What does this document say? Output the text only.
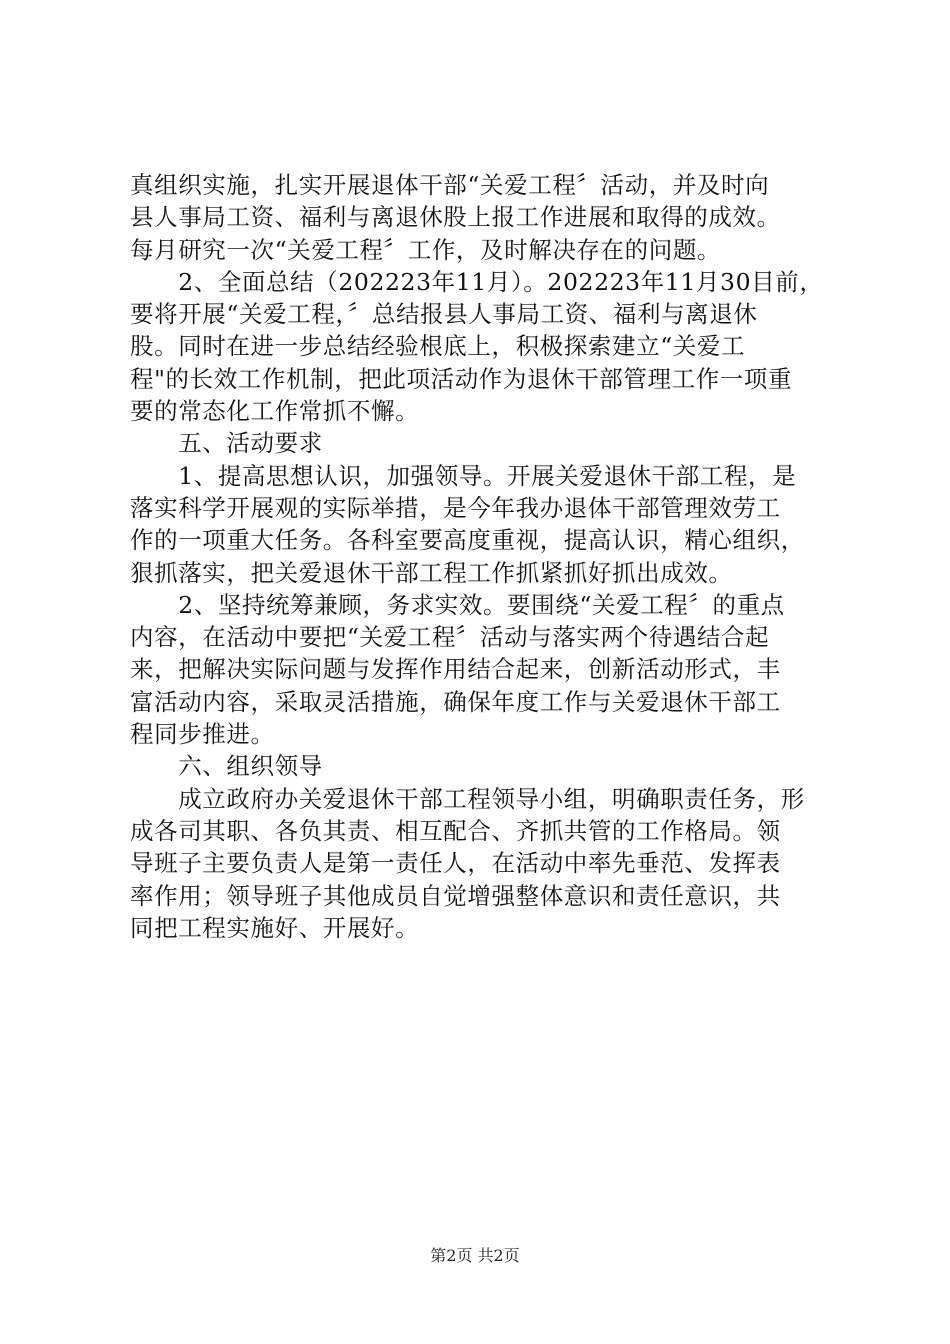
真组织实施，扎实开展退体干部“关爱工程〞活动，并及时向
县人事局工资、福利与离退休股上报工作进展和取得的成效。
每月研究一次“关爱工程〞工作，及时解决存在的问题。
　　2、全面总结（202223年11月）。202223年11月30目前，
要将开展“关爱工程，〞总结报县人事局工资、福利与离退休
股。同时在进一步总结经验根底上，积极探索建立“关爱工
程"的长效工作机制，把此项活动作为退休干部管理工作一项重
要的常态化工作常抓不懈。
　　五、活动要求
　　1、提高思想认识，加强领导。开展关爱退休干部工程，是
落实科学开展观的实际举措，是今年我办退体干部管理效劳工
作的一项重大任务。各科室要高度重视，提高认识，精心组织，
狠抓落实，把关爱退休干部工程工作抓紧抓好抓出成效。
　　2、坚持统筹兼顾，务求实效。要围绕“关爱工程〞的重点
内容，在活动中要把“关爱工程〞活动与落实两个待遇结合起
来，把解决实际问题与发挥作用结合起来，创新活动形式，丰
富活动内容，采取灵活措施，确保年度工作与关爱退休干部工
程同步推进。
　　六、组织领导
　　成立政府办关爱退休干部工程领导小组，明确职责任务，形
成各司其职、各负其责、相互配合、齐抓共管的工作格局。领
导班子主要负责人是第一责任人，在活动中率先垂范、发挥表
率作用；领导班子其他成员自觉增强整体意识和责任意识，共
同把工程实施好、开展好。
第2页 共2页
